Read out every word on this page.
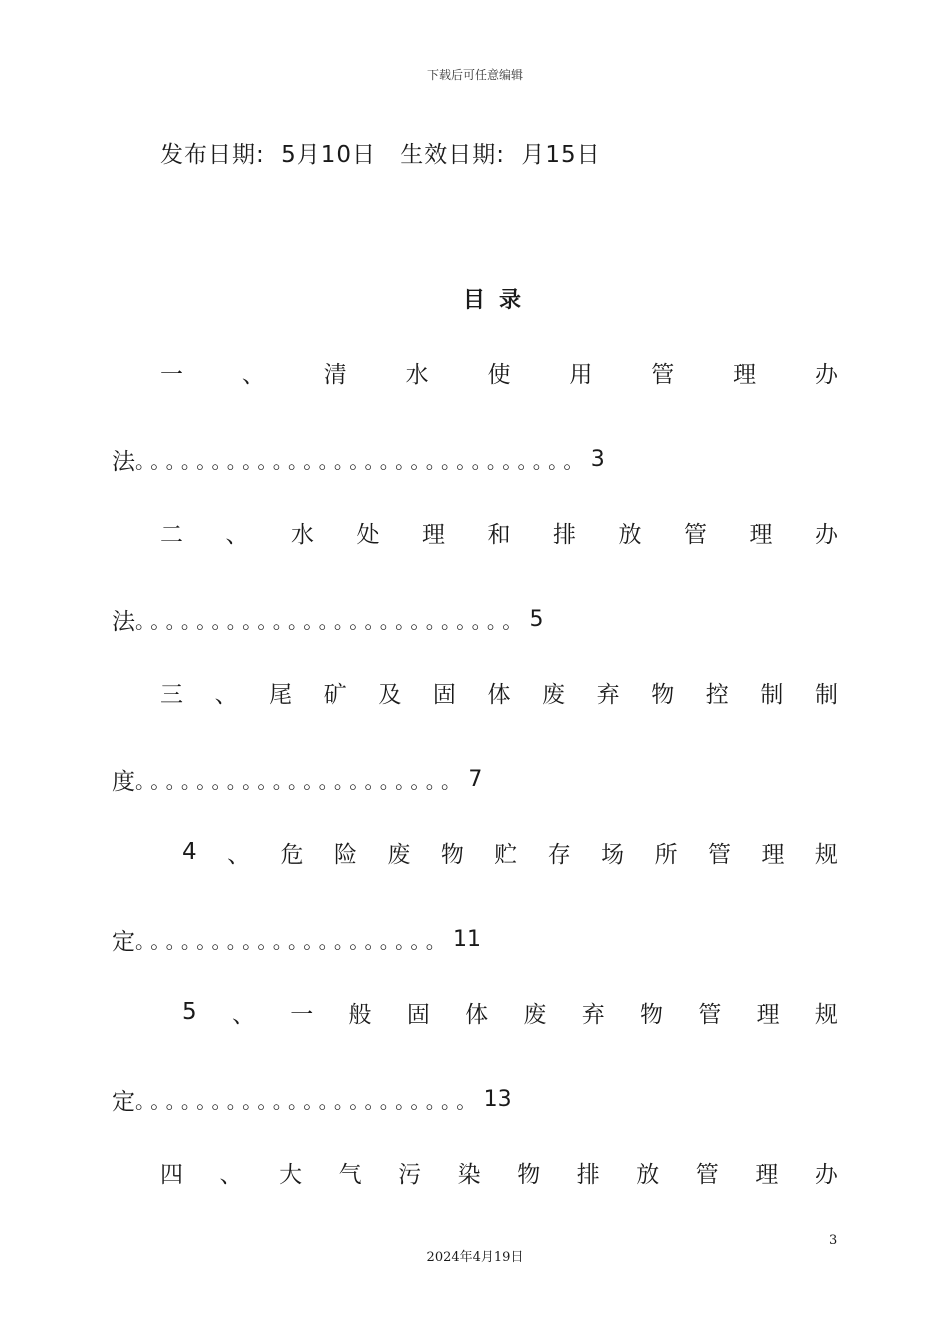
下载后可任意编辑
发布日期: 5月10日 生效日期: 月15日
目录
一	、	清	水	使	用	管	理	办
法 。。。。。。。。。。。。。。。。。。。。。。。。。。。。。 3
二 、 水 处 理 和 排 放 管 理 办
法 。。。。。。。。。。。。。。。。。。。。。。。。。 5
三 、 尾 矿 及 固 体 废 弃 物 控 制 制
度 。。。。。。。。。。。。。。。。。。。。。 7
4 、 危 险 废 物 贮 存 场 所 管 理 规
定 。。。。。。。。。。。。。。。。。。。。 11
5 、 一 般 固 体 废 弃 物 管 理 规
定 。。。。。。。。。。。。。。。。。。。。。。 13
四 、 大 气 污 染 物 排 放 管 理 办
3
2024年4月19日
